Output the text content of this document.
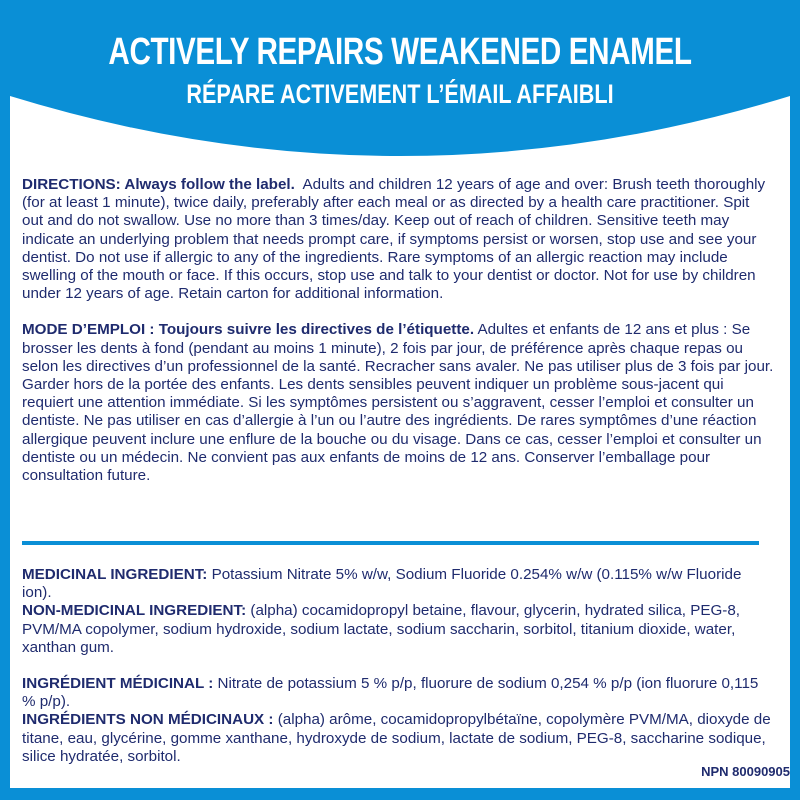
ACTIVELY REPAIRS WEAKENED ENAMEL
RÉPARE ACTIVEMENT L’ÉMAIL AFFAIBLI

DIRECTIONS: Always follow the label. Adults and children 12 years of age and over: Brush teeth thoroughly (for at least 1 minute), twice daily, preferably after each meal or as directed by a health care practitioner. Spit out and do not swallow. Use no more than 3 times/day. Keep out of reach of children. Sensitive teeth may indicate an underlying problem that needs prompt care, if symptoms persist or worsen, stop use and see your dentist. Do not use if allergic to any of the ingredients. Rare symptoms of an allergic reaction may include swelling of the mouth or face. If this occurs, stop use and talk to your dentist or doctor. Not for use by children under 12 years of age. Retain carton for additional information.

MODE D’EMPLOI : Toujours suivre les directives de l’étiquette. Adultes et enfants de 12 ans et plus : Se brosser les dents à fond (pendant au moins 1 minute), 2 fois par jour, de préférence après chaque repas ou selon les directives d’un professionnel de la santé. Recracher sans avaler. Ne pas utiliser plus de 3 fois par jour. Garder hors de la portée des enfants. Les dents sensibles peuvent indiquer un problème sous-jacent qui requiert une attention immédiate. Si les symptômes persistent ou s’aggravent, cesser l’emploi et consulter un dentiste. Ne pas utiliser en cas d’allergie à l’un ou l’autre des ingrédients. De rares symptômes d’une réaction allergique peuvent inclure une enflure de la bouche ou du visage. Dans ce cas, cesser l’emploi et consulter un dentiste ou un médecin. Ne convient pas aux enfants de moins de 12 ans. Conserver l’emballage pour consultation future.

MEDICINAL INGREDIENT: Potassium Nitrate 5% w/w, Sodium Fluoride 0.254% w/w (0.115% w/w Fluoride ion).

NON-MEDICINAL INGREDIENT: (alpha) cocamidopropyl betaine, flavour, glycerin, hydrated silica, PEG-8, PVM/MA copolymer, sodium hydroxide, sodium lactate, sodium saccharin, sorbitol, titanium dioxide, water, xanthan gum.

INGRÉDIENT MÉDICINAL : Nitrate de potassium 5 % p/p, fluorure de sodium 0,254 % p/p (ion fluorure 0,115 % p/p).

INGRÉDIENTS NON MÉDICINAUX : (alpha) arôme, cocamidopropylbétaïne, copolymère PVM/MA, dioxyde de titane, eau, glycérine, gomme xanthane, hydroxyde de sodium, lactate de sodium, PEG-8, saccharine sodique, silice hydratée, sorbitol.

NPN 80090905
